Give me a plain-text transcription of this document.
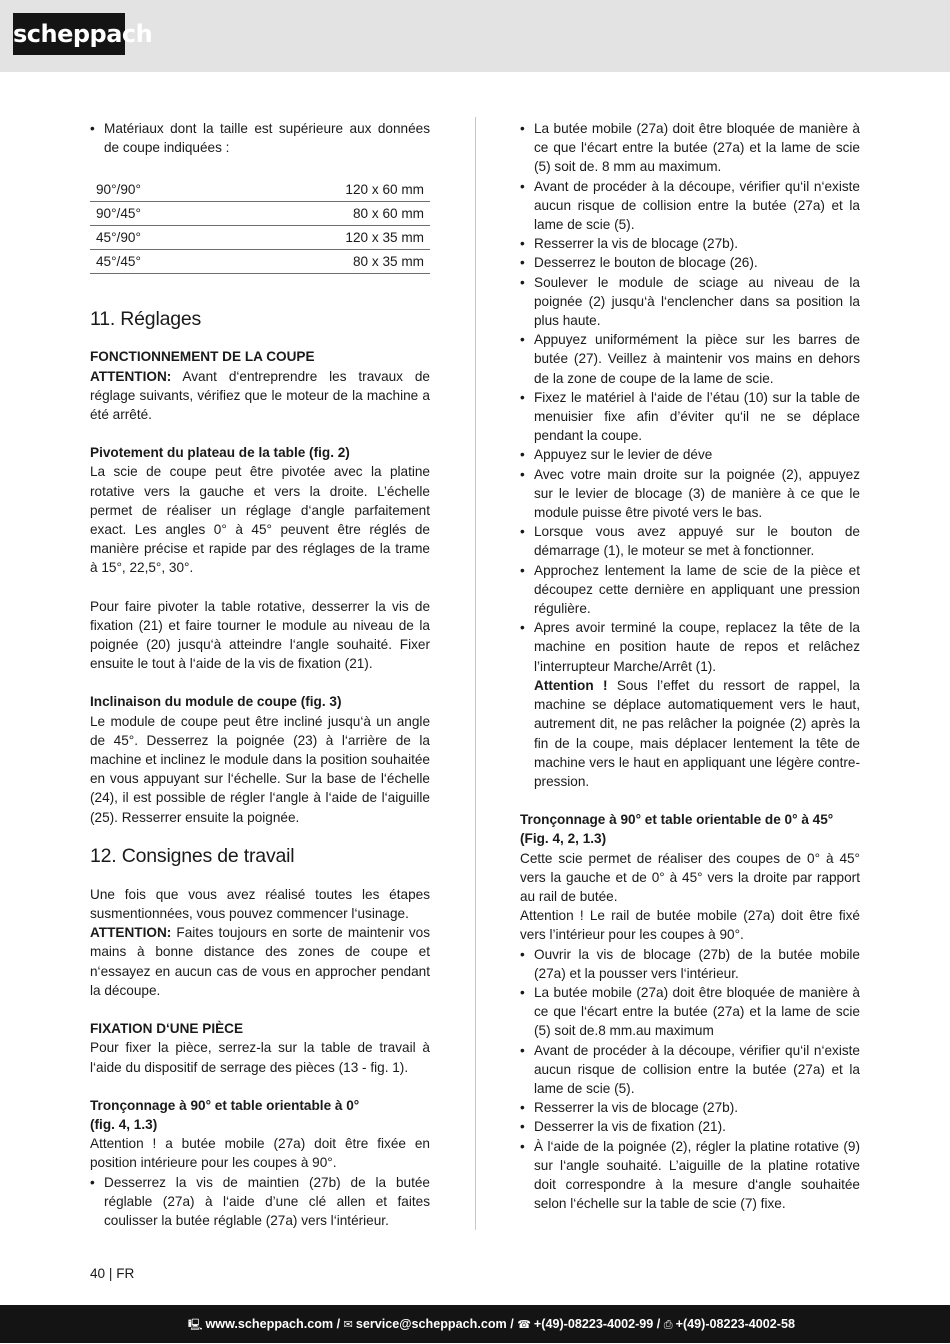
scheppach
• Matériaux dont la taille est supérieure aux données de coupe indiquées :
90°/90°	120 x 60 mm
90°/45°	80 x 60 mm
45°/90°	120 x 35 mm
45°/45°	80 x 35 mm
11. Réglages

FONCTIONNEMENT DE LA COUPE

ATTENTION: Avant d‘entreprendre les travaux de réglage suivants, vérifiez que le moteur de la machine a été arrêté.

Pivotement du plateau de la table (fig. 2)

La scie de coupe peut être pivotée avec la platine rotative vers la gauche et vers la droite. L’échelle permet de réaliser un réglage d‘angle parfaitement exact. Les angles 0° à 45° peuvent être réglés de manière précise et rapide par des réglages de la trame à 15°, 22,5°, 30°.

Pour faire pivoter la table rotative, desserrer la vis de fixation (21) et faire tourner le module au niveau de la poignée (20) jusqu‘à atteindre l‘angle souhaité. Fixer ensuite le tout à l‘aide de la vis de fixation (21).

Inclinaison du module de coupe (fig. 3)

Le module de coupe peut être incliné jusqu‘à un angle de 45°. Desserrez la poignée (23) à l‘arrière de la machine et inclinez le module dans la position souhaitée en vous appuyant sur l‘échelle. Sur la base de l‘échelle (24), il est possible de régler l‘angle à l‘aide de l‘aiguille (25). Resserrer ensuite la poignée.

12. Consignes de travail

Une fois que vous avez réalisé toutes les étapes susmentionnées, vous pouvez commencer l‘usinage.

ATTENTION: Faites toujours en sorte de maintenir vos mains à bonne distance des zones de coupe et n‘essayez en aucun cas de vous en approcher pendant la découpe.

FIXATION D‘UNE PIÈCE

Pour fixer la pièce, serrez-la sur la table de travail à l‘aide du dispositif de serrage des pièces (13 - fig. 1).

Tronçonnage à 90° et table orientable à 0°

(fig. 4, 1.3)

Attention ! a butée mobile (27a) doit être fixée en position intérieure pour les coupes à 90°.

• Desserrez la vis de maintien (27b) de la butée réglable (27a) à l‘aide d’une clé allen et faites coulisser la butée réglable (27a) vers l‘intérieur.
• La butée mobile (27a) doit être bloquée de manière à ce que l‘écart entre la butée (27a) et la lame de scie (5) soit de. 8 mm au maximum.
• Avant de procéder à la découpe, vérifier qu‘il n‘existe aucun risque de collision entre la butée (27a) et la lame de scie (5).
• Resserrer la vis de blocage (27b).
• Desserrez le bouton de blocage (26).
• Soulever le module de sciage au niveau de la poignée (2) jusqu‘à l‘enclencher dans sa position la plus haute.
• Appuyez uniformément la pièce sur les barres de butée (27). Veillez à maintenir vos mains en dehors de la zone de coupe de la lame de scie.
• Fixez le matériel à l‘aide de l’étau (10) sur la table de menuisier fixe afin d’éviter qu‘il ne se déplace pendant la coupe.
• Appuyez sur le levier de déve
• Avec votre main droite sur la poignée (2), appuyez sur le levier de blocage (3) de manière à ce que le module puisse être pivoté vers le bas.
• Lorsque vous avez appuyé sur le bouton de démarrage (1), le moteur se met à fonctionner.
• Approchez lentement la lame de scie de la pièce et découpez cette dernière en appliquant une pression régulière.
• Apres avoir terminé la coupe, replacez la tête de la machine en position haute de repos et relâchez l’interrupteur Marche/Arrêt (1).

Attention ! Sous l’effet du ressort de rappel, la machine se déplace automatiquement vers le haut, autrement dit, ne pas relâcher la poignée (2) après la fin de la coupe, mais déplacer lentement la tête de machine vers le haut en appliquant une légère contre-pression.

Tronçonnage à 90° et table orientable de 0° à 45°

(Fig. 4, 2, 1.3)

Cette scie permet de réaliser des coupes de 0° à 45° vers la gauche et de 0° à 45° vers la droite par rapport au rail de butée.

Attention ! Le rail de butée mobile (27a) doit être fixé vers l’intérieur pour les coupes à 90°.

• Ouvrir la vis de blocage (27b) de la butée mobile (27a) et la pousser vers l‘intérieur.
• La butée mobile (27a) doit être bloquée de manière à ce que l‘écart entre la butée (27a) et la lame de scie (5) soit de.8 mm.au maximum
• Avant de procéder à la découpe, vérifier qu‘il n‘existe aucun risque de collision entre la butée (27a) et la lame de scie (5).
• Resserrer la vis de blocage (27b).
• Desserrer la vis de fixation (21).
• À l‘aide de la poignée (2), régler la platine rotative (9) sur l‘angle souhaité. L’aiguille de la platine rotative doit correspondre à la mesure d‘angle souhaitée selon l‘échelle sur la table de scie (7) fixe.
40 | FR
🖳 www.scheppach.com / ✉ service@scheppach.com / ☎ +(49)-08223-4002-99 / ⎙ +(49)-08223-4002-58
